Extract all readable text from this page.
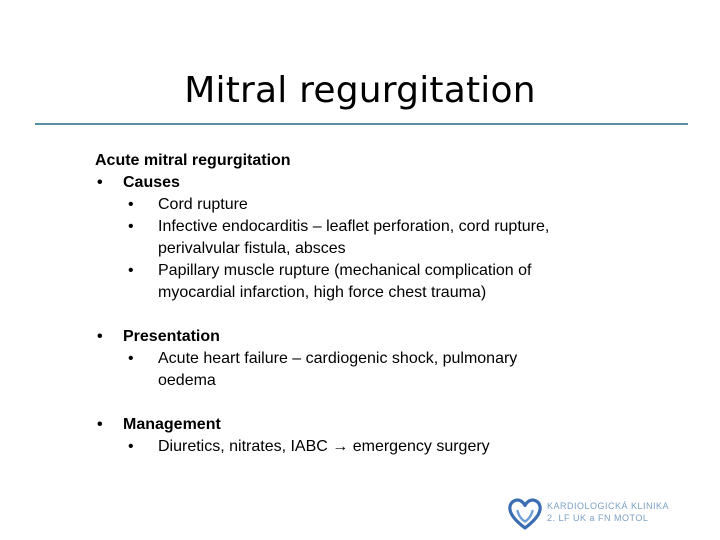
Mitral regurgitation
Acute mitral regurgitation
• Causes
• Cord rupture
• Infective endocarditis – leaflet perforation, cord rupture,
perivalvular fistula, absces
• Papillary muscle rupture (mechanical complication of
myocardial infarction, high force chest trauma)
• Presentation
• Acute heart failure – cardiogenic shock, pulmonary
oedema
• Management
• Diuretics, nitrates, IABC → emergency surgery
KARDIOLOGICKÁ KLINIKA
2. LF UK a FN MOTOL
